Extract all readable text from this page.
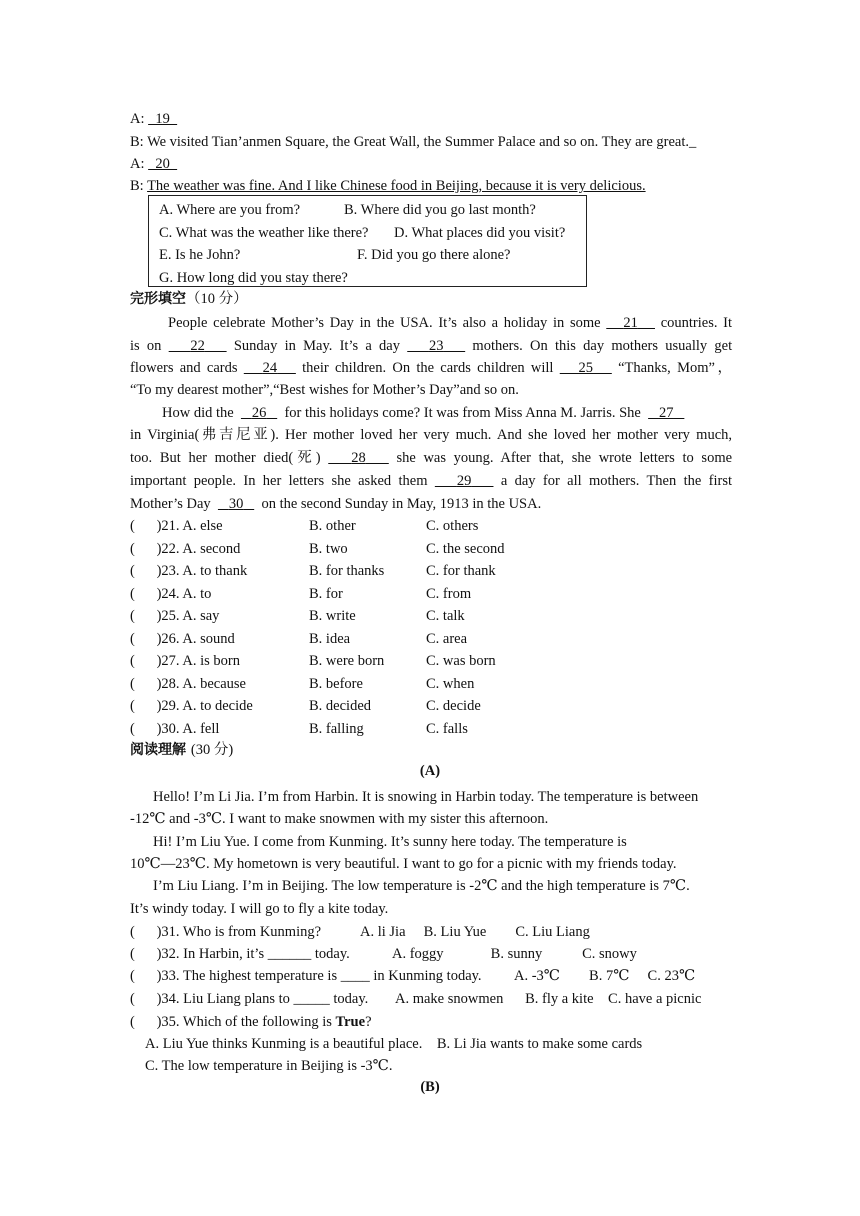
A:   19
B: We visited Tian’anmen Square, the Great Wall, the Summer Palace and so on. They are great._
A:   20
B: The weather was fine. And I like Chinese food in Beijing, because it is very delicious.
A. Where are you from?	B. Where did you go last month?
C. What was the weather like there? D. What places did you visit?
E. Is he John?	F. Did you go there alone?
G. How long did you stay there?
完形填空（10 分）
People celebrate Mother’s Day in the USA. It’s also a holiday in some 21 countries. It
is on 22 Sunday in May. It’s a day 23 mothers. On this day mothers usually get
flowers and cards 24 their children. On the cards children will 25 “Thanks, Mom”，
“To my dearest mother”,“Best wishes for Mother’s Day”and so on.
How did the 26 for this holidays come? It was from Miss Anna M. Jarris. She 27
in Virginia(弗吉尼亚). Her mother loved her very much. And she loved her mother very much,
too. But her mother died(死) 28 she was young. After that, she wrote letters to some
important people. In her letters she asked them 29 a day for all mothers. Then the first
Mother’s Day 30 on the second Sunday in May, 1913 in the USA.
(      )21. A. else	B. other	C. others
(      )22. A. second	B. two	C. the second
(      )23. A. to thank	B. for thanks	C. for thank
(      )24. A. to	B. for	C. from
(      )25. A. say	B. write	C. talk
(      )26. A. sound	B. idea	C. area
(      )27. A. is born	B. were born	C. was born
(      )28. A. because	B. before	C. when
(      )29. A. to decide	B. decided	C. decide
(      )30. A. fell	B. falling	C. falls
阅读理解 (30 分)
(A)
Hello! I’m Li Jia. I’m from Harbin. It is snowing in Harbin today. The temperature is between
-12℃ and -3℃. I want to make snowmen with my sister this afternoon.
Hi! I’m Liu Yue. I come from Kunming. It’s sunny here today. The temperature is
10℃—23℃. My hometown is very beautiful. I want to go for a picnic with my friends today.
I’m Liu Liang. I’m in Beijing. The low temperature is -2℃ and the high temperature is 7℃.
It’s windy today. I will go to fly a kite today.
(      )31. Who is from Kunming?	A. li Jia     B. Liu Yue        C. Liu Liang
(      )32. In Harbin, it’s ______ today.	A. foggy             B. sunny           C. snowy
(      )33. The highest temperature is ____ in Kunming today. A. -3℃        B. 7℃     C. 23℃
(      )34. Liu Liang plans to _____ today. A. make snowmen      B. fly a kite    C. have a picnic
(      )35. Which of the following is True?
A. Liu Yue thinks Kunming is a beautiful place.    B. Li Jia wants to make some cards
C. The low temperature in Beijing is -3℃.
(B)
